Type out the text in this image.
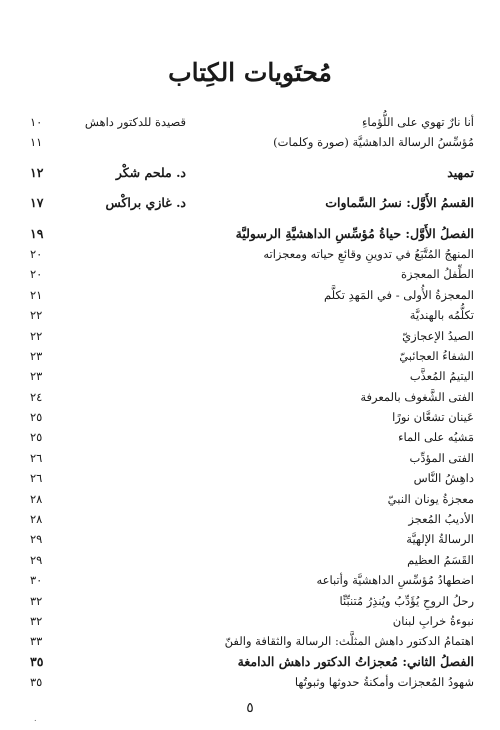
مُحتَويات الكِتاب
أنا نارٌ تهوي على اللُّؤماءِ
قصيدة للدكتور داهش
١٠
مُؤسِّسُ الرسالة الداهشيَّة (صورة وكلمات)
١١
تمهيد
د. ملحم شكْر
١٢
القسمُ الأَوَّل: نسرُ السَّماوات
د. غازي براكْس
١٧
الفصلُ الأَوَّل: حياةُ مُؤسِّسِ الداهشيَّةِ الرسوليَّة
١٩
المنهجُ المُتَّبَعُ في تدوينِ وقائعِ حياته ومعجزاته
٢٠
الطِّفلُ المعجزة
٢٠
المعجزةُ الأُولى - في المَهدِ تكلَّم
٢١
تكلُّمُه بالهنديَّة
٢٢
الصيدُ الإعجازيّ
٢٢
الشفاءُ العجائبيّ
٢٣
اليتيمُ المُعذَّب
٢٣
الفتى الشَّغوف بالمعرفة
٢٤
عَينان تشعَّان نورًا
٢٥
مَشيُه على الماء
٢٥
الفتى المؤدِّب
٢٦
داهِشُ النَّاس
٢٦
معجزةُ يونان النبيّ
٢٨
الأديبُ المُعجز
٢٨
الرسالةُ الإلهيَّة
٢٩
القَسَمُ العظيم
٢٩
اضطهادُ مُؤسِّسِ الداهشيَّة وأتباعه
٣٠
رحلُ الروحِ يُؤَدِّبُ ويُنذِرُ مُتنبِّئًا
٣٢
نبوءةُ خرابِ لبنان
٣٢
اهتمامُ الدكتور داهش المثلَّث: الرسالة والثقافة والفنّ
٣٣
الفصلُ الثاني: مُعجزاتُ الدكتور داهش الدامغة
٣٥
شهودُ المُعجزات وأمكنةُ حدوثها وثبوتُها
٣٥
٥
.
